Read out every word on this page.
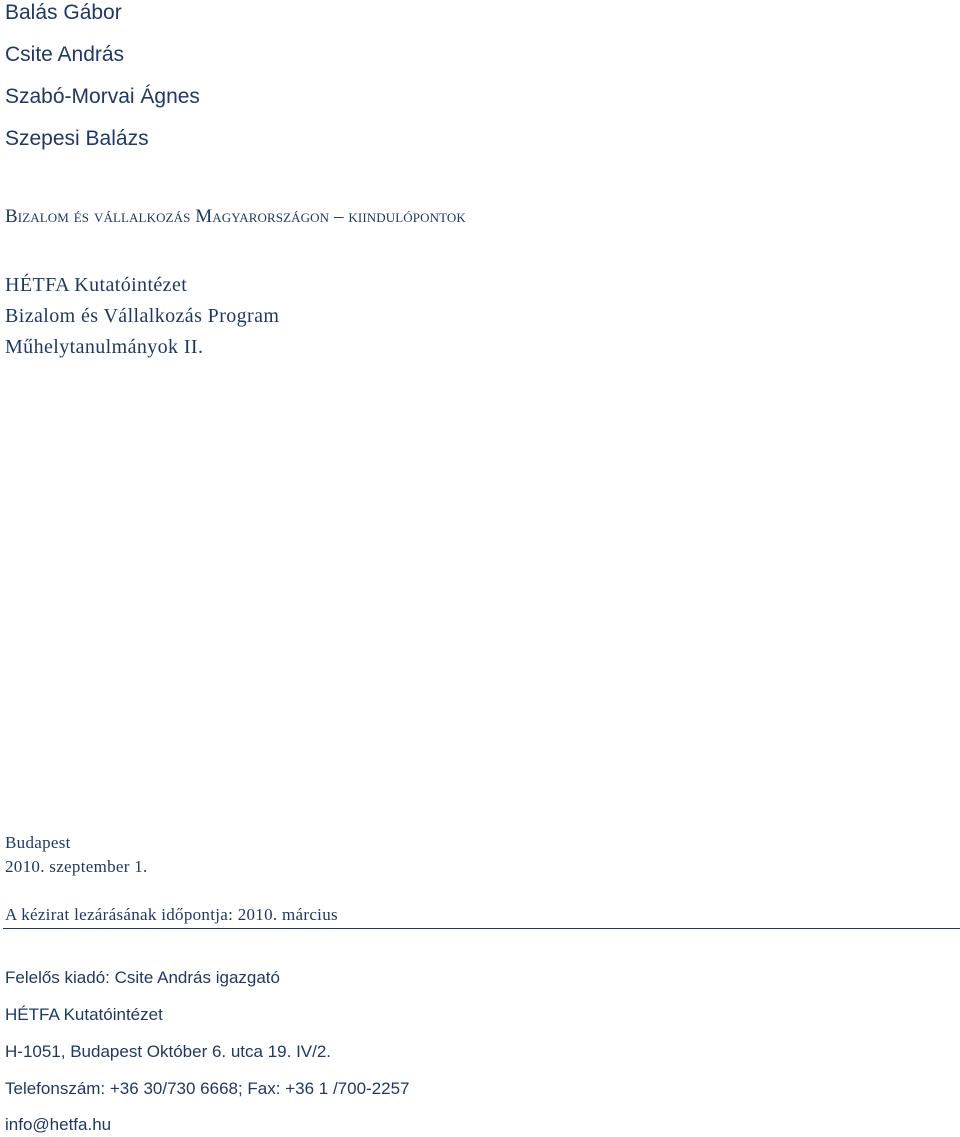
Balás Gábor
Csite András
Szabó-Morvai Ágnes
Szepesi Balázs
Bizalom és vállalkozás Magyarországon – kiindulópontok
HÉTFA Kutatóintézet
Bizalom és Vállalkozás Program
Műhelytanulmányok II.
Budapest
2010. szeptember 1.
A kézirat lezárásának időpontja: 2010. március
Felelős kiadó: Csite András igazgató
HÉTFA Kutatóintézet
H-1051, Budapest Október 6. utca 19. IV/2.
Telefonszám: +36 30/730 6668; Fax: +36 1 /700-2257
info@hetfa.hu
